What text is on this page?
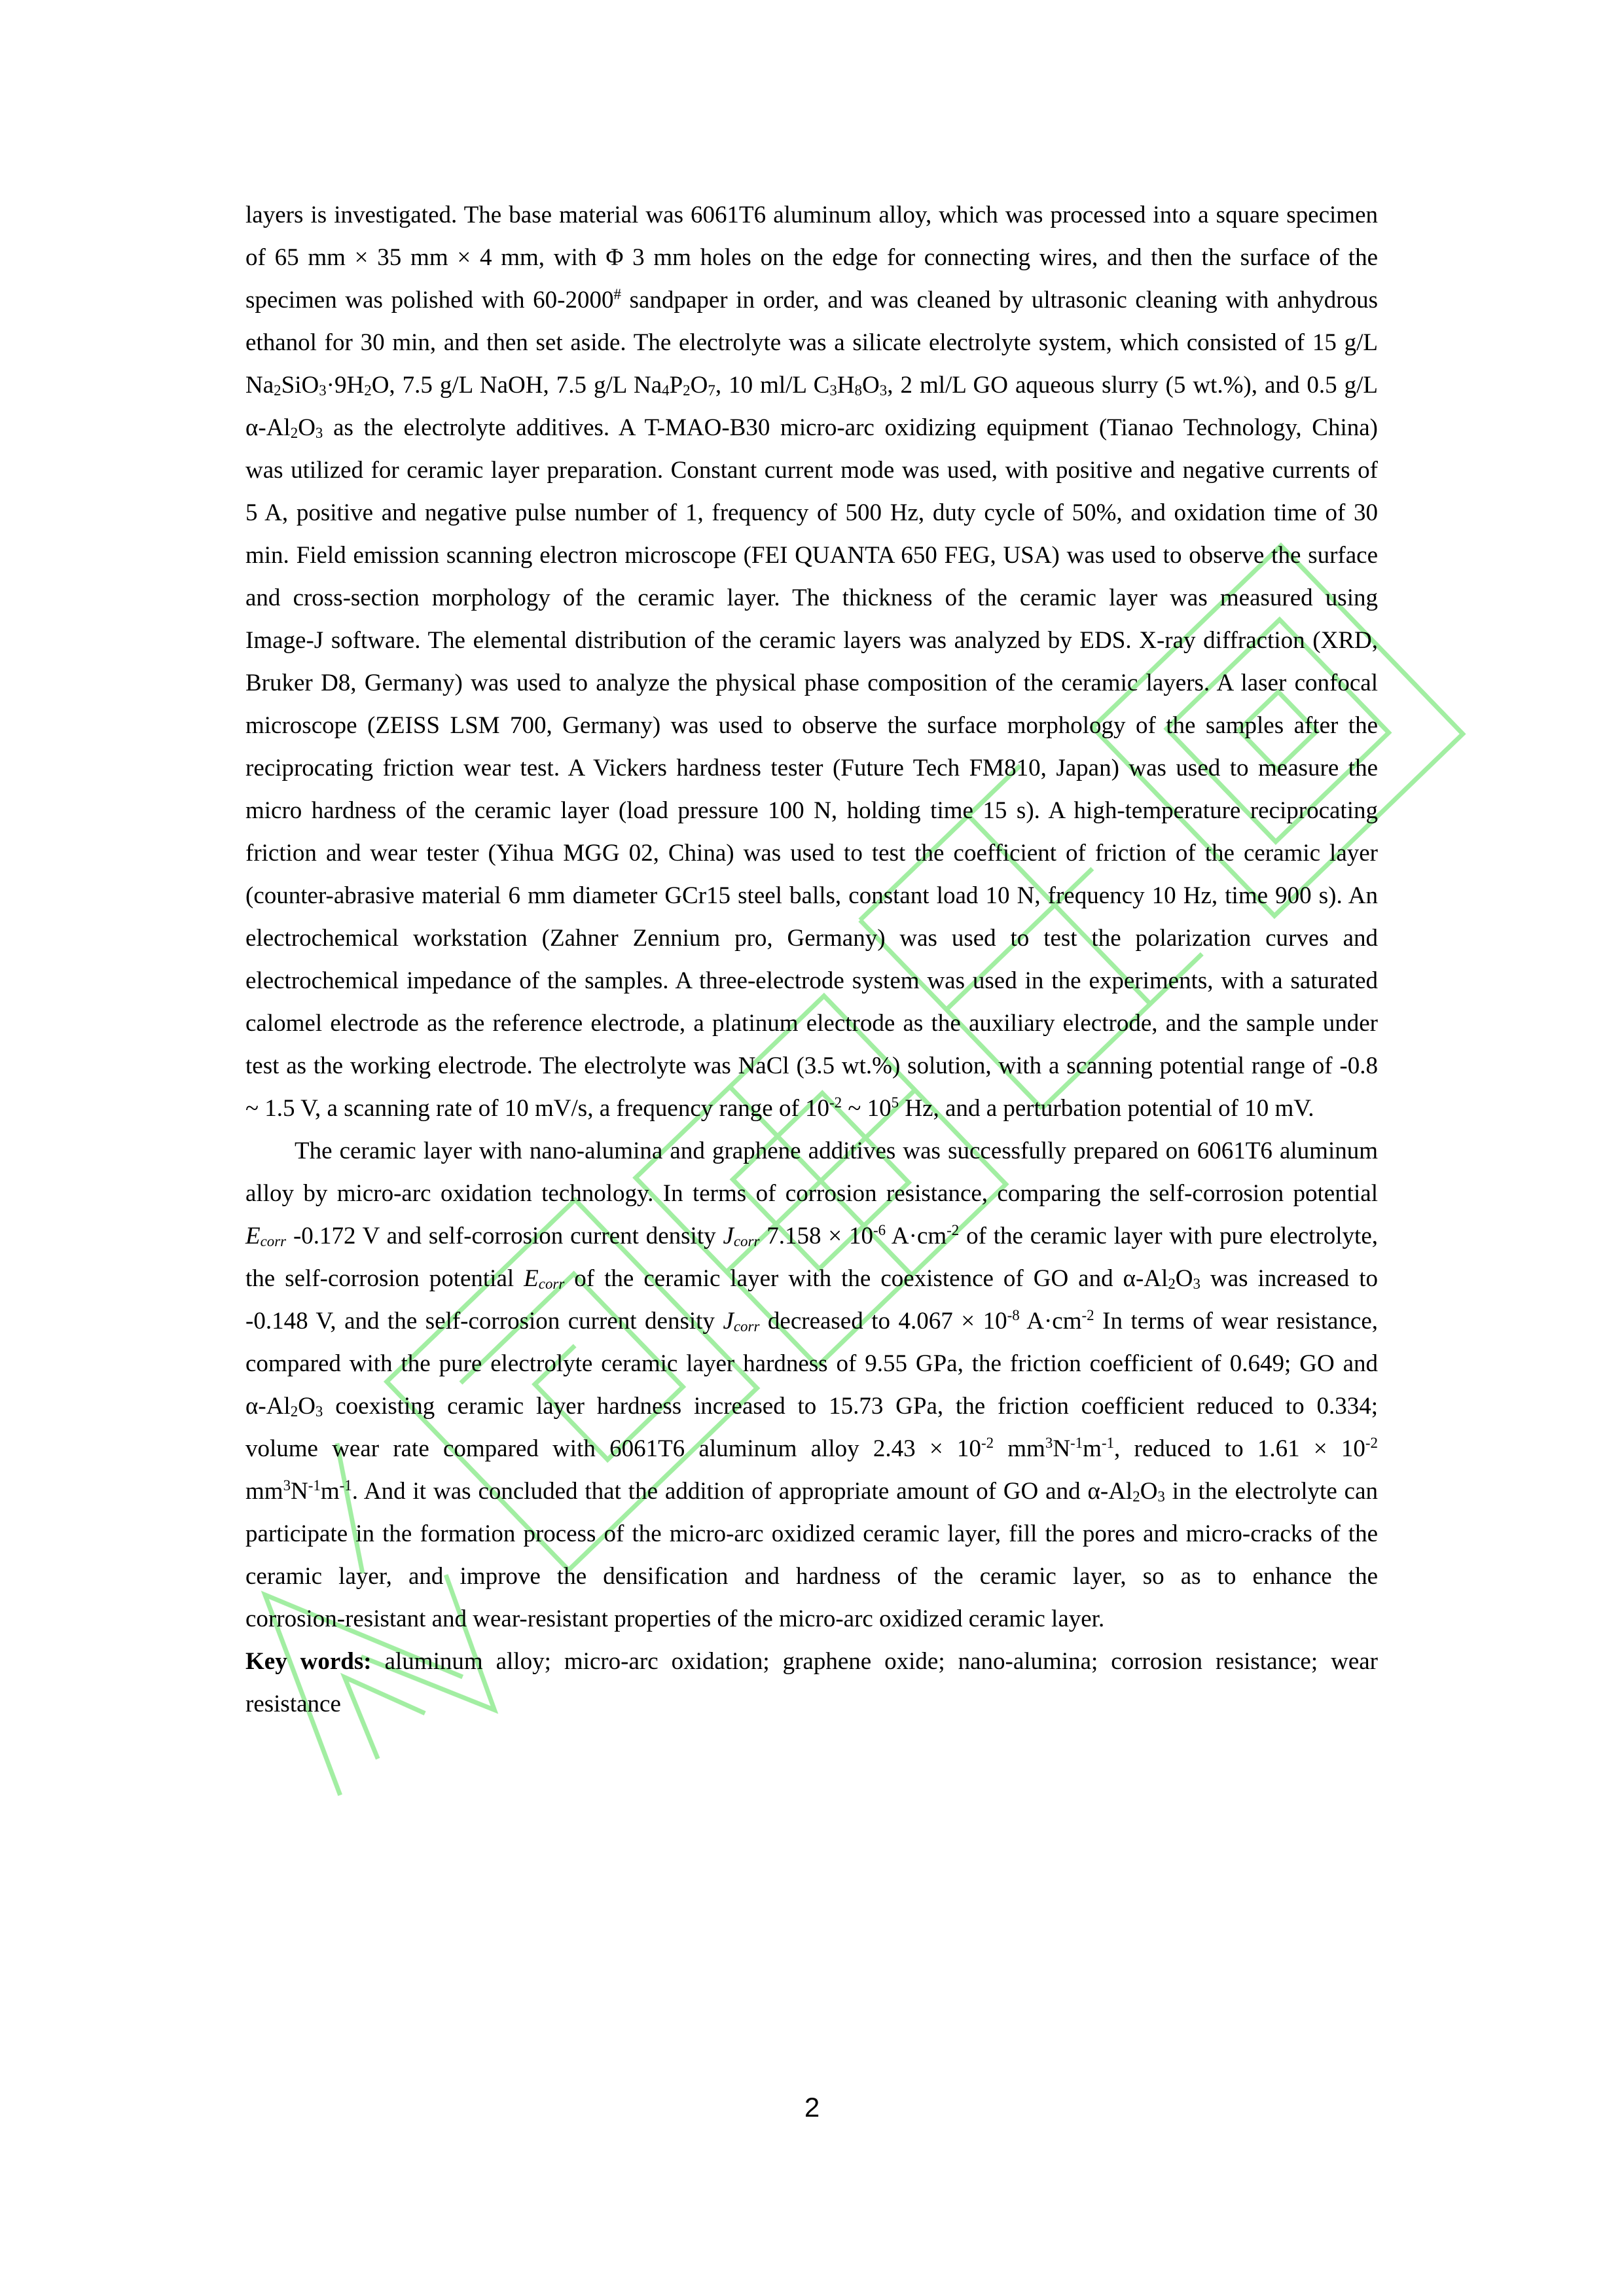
layers is investigated. The base material was 6061T6 aluminum alloy, which was processed into a square specimen
of 65 mm × 35 mm × 4 mm, with Φ 3 mm holes on the edge for connecting wires, and then the surface of the
specimen was polished with 60-2000# sandpaper in order, and was cleaned by ultrasonic cleaning with anhydrous
ethanol for 30 min, and then set aside. The electrolyte was a silicate electrolyte system, which consisted of 15 g/L
$Na_2SiO_3\cdot 9H_2O$, 7.5 g/L NaOH, 7.5 g/L $Na_4P_2O_7$, 10 ml/L $C_3H_8O_3$, 2 ml/L GO aqueous slurry (5 wt.%), and 0.5 g/L
$\alpha-Al_2O_3$ as the electrolyte additives. A T-MAO-B30 micro-arc oxidizing equipment (Tianao Technology, China)
was utilized for ceramic layer preparation. Constant current mode was used, with positive and negative currents of
5 A, positive and negative pulse number of 1, frequency of 500 Hz, duty cycle of 50%, and oxidation time of 30
min. Field emission scanning electron microscope (FEI QUANTA 650 FEG, USA) was used to observe the surface
and cross-section morphology of the ceramic layer. The thickness of the ceramic layer was measured using
Image-J software. The elemental distribution of the ceramic layers was analyzed by EDS. X-ray diffraction (XRD,
Bruker D8, Germany) was used to analyze the physical phase composition of the ceramic layers. A laser confocal
microscope (ZEISS LSM 700, Germany) was used to observe the surface morphology of the samples after the
reciprocating friction wear test. A Vickers hardness tester (Future Tech FM810, Japan) was used to measure the
micro hardness of the ceramic layer (load pressure 100 N, holding time 15 s). A high-temperature reciprocating
friction and wear tester (Yihua MGG 02, China) was used to test the coefficient of friction of the ceramic layer
(counter-abrasive material 6 mm diameter GCr15 steel balls, constant load 10 N, frequency 10 Hz, time 900 s). An
electrochemical workstation (Zahner Zennium pro, Germany) was used to test the polarization curves and
electrochemical impedance of the samples. A three-electrode system was used in the experiments, with a saturated
calomel electrode as the reference electrode, a platinum electrode as the auxiliary electrode, and the sample under
test as the working electrode. The electrolyte was NaCl (3.5 wt.%) solution, with a scanning potential range of -0.8
~ 1.5 V, a scanning rate of 10 mV/s, a frequency range of $10^{-2}$ ~ $10^5$ Hz, and a perturbation potential of 10 mV.
The ceramic layer with nano-alumina and graphene additives was successfully prepared on 6061T6 aluminum
alloy by micro-arc oxidation technology. In terms of corrosion resistance, comparing the self-corrosion potential
$E_{corr}$ -0.172 V and self-corrosion current density $J_{corr}$ $7.158 \times 10^{-6}$ $A\cdot cm^{-2}$ of the ceramic layer with pure electrolyte,
the self-corrosion potential $E_{corr}$ of the ceramic layer with the coexistence of GO and $\alpha-Al_2O_3$ was increased to
-0.148 V, and the self-corrosion current density $J_{corr}$ decreased to $4.067 \times 10^{-8}$ $A\cdot cm^{-2}$ In terms of wear resistance,
compared with the pure electrolyte ceramic layer hardness of 9.55 GPa, the friction coefficient of 0.649; GO and
$\alpha-Al_2O_3$ coexisting ceramic layer hardness increased to 15.73 GPa, the friction coefficient reduced to 0.334;
volume wear rate compared with 6061T6 aluminum alloy $2.43 \times 10^{-2}$ $mm^3N^{-1}m^{-1}$, reduced to $1.61 \times 10^{-2}$
$mm^3N^{-1}m^{-1}$. And it was concluded that the addition of appropriate amount of GO and $\alpha-Al_2O_3$ in the electrolyte can
participate in the formation process of the micro-arc oxidized ceramic layer, fill the pores and micro-cracks of the
ceramic layer, and improve the densification and hardness of the ceramic layer, so as to enhance the
corrosion-resistant and wear-resistant properties of the micro-arc oxidized ceramic layer.
Key words: aluminum alloy; micro-arc oxidation; graphene oxide; nano-alumina; corrosion resistance; wear
resistance
2
